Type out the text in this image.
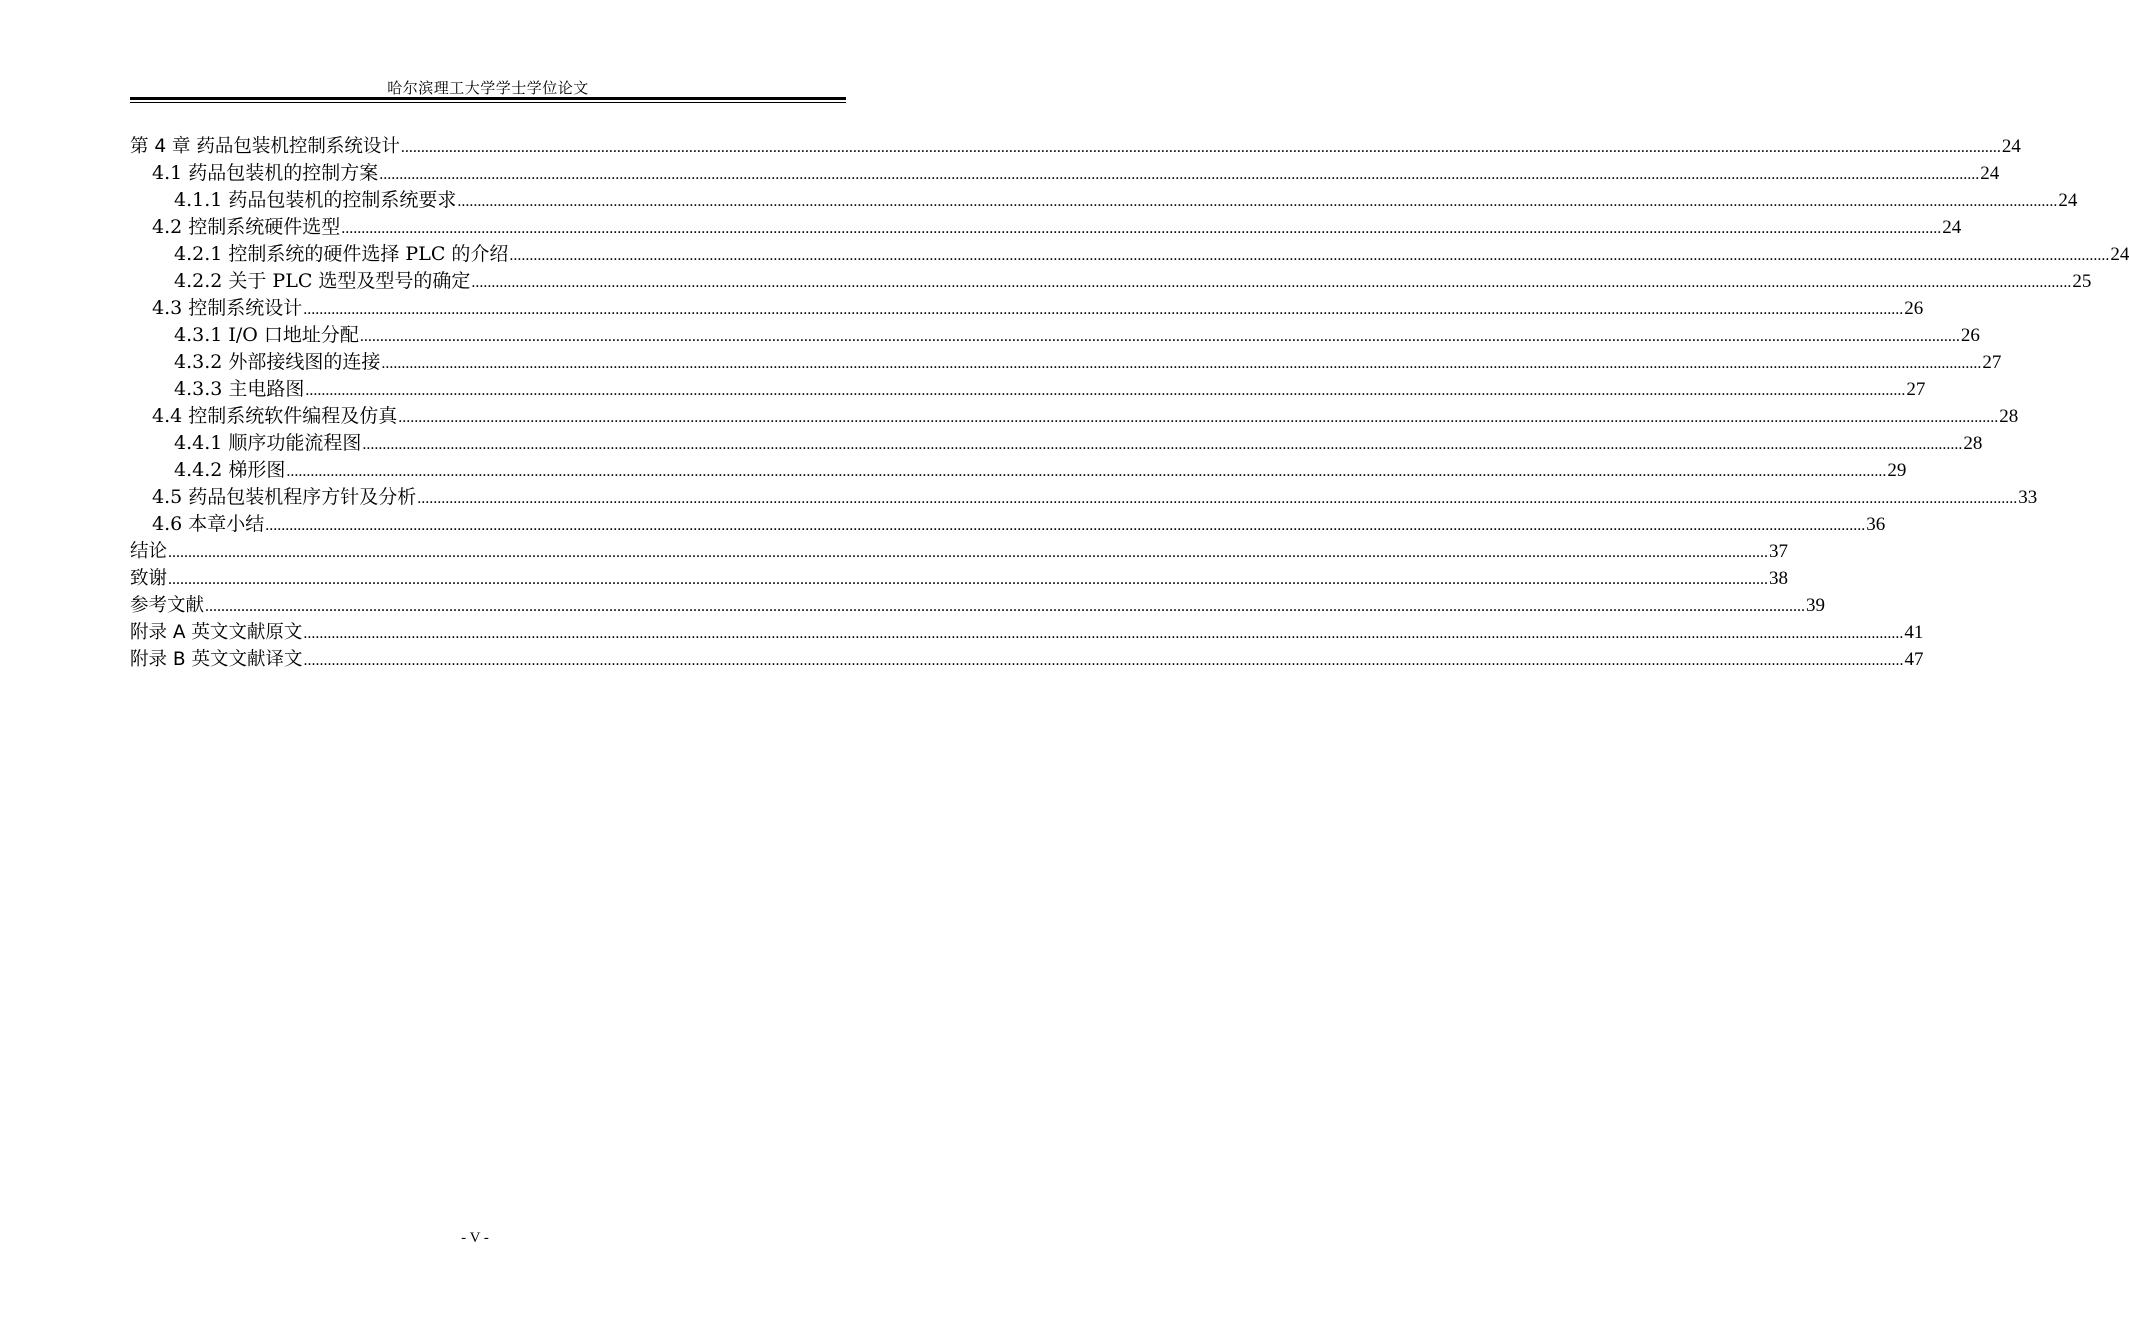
哈尔滨理工大学学士学位论文
第 4 章 药品包装机控制系统设计 ................................................................................................................................................................................................................................................................................................................................................................................................................ 24
4.1 药品包装机的控制方案 ................................................................................................................................................................................................................................................................................................................................................................................................................ 24
4.1.1 药品包装机的控制系统要求 ................................................................................................................................................................................................................................................................................................................................................................................................................ 24
4.2 控制系统硬件选型 ................................................................................................................................................................................................................................................................................................................................................................................................................ 24
4.2.1 控制系统的硬件选择 PLC 的介绍 ................................................................................................................................................................................................................................................................................................................................................................................................................ 24
4.2.2 关于 PLC 选型及型号的确定 ................................................................................................................................................................................................................................................................................................................................................................................................................ 25
4.3 控制系统设计 ................................................................................................................................................................................................................................................................................................................................................................................................................ 26
4.3.1 I/O 口地址分配 ................................................................................................................................................................................................................................................................................................................................................................................................................ 26
4.3.2 外部接线图的连接 ................................................................................................................................................................................................................................................................................................................................................................................................................ 27
4.3.3 主电路图 ................................................................................................................................................................................................................................................................................................................................................................................................................ 27
4.4 控制系统软件编程及仿真 ................................................................................................................................................................................................................................................................................................................................................................................................................ 28
4.4.1 顺序功能流程图 ................................................................................................................................................................................................................................................................................................................................................................................................................ 28
4.4.2 梯形图 ................................................................................................................................................................................................................................................................................................................................................................................................................ 29
4.5 药品包装机程序方针及分析 ................................................................................................................................................................................................................................................................................................................................................................................................................ 33
4.6 本章小结 ................................................................................................................................................................................................................................................................................................................................................................................................................ 36
结论 ................................................................................................................................................................................................................................................................................................................................................................................................................ 37
致谢 ................................................................................................................................................................................................................................................................................................................................................................................................................ 38
参考文献 ................................................................................................................................................................................................................................................................................................................................................................................................................ 39
附录 A 英文文献原文 ................................................................................................................................................................................................................................................................................................................................................................................................................ 41
附录 B 英文文献译文 ................................................................................................................................................................................................................................................................................................................................................................................................................ 47
- V -
